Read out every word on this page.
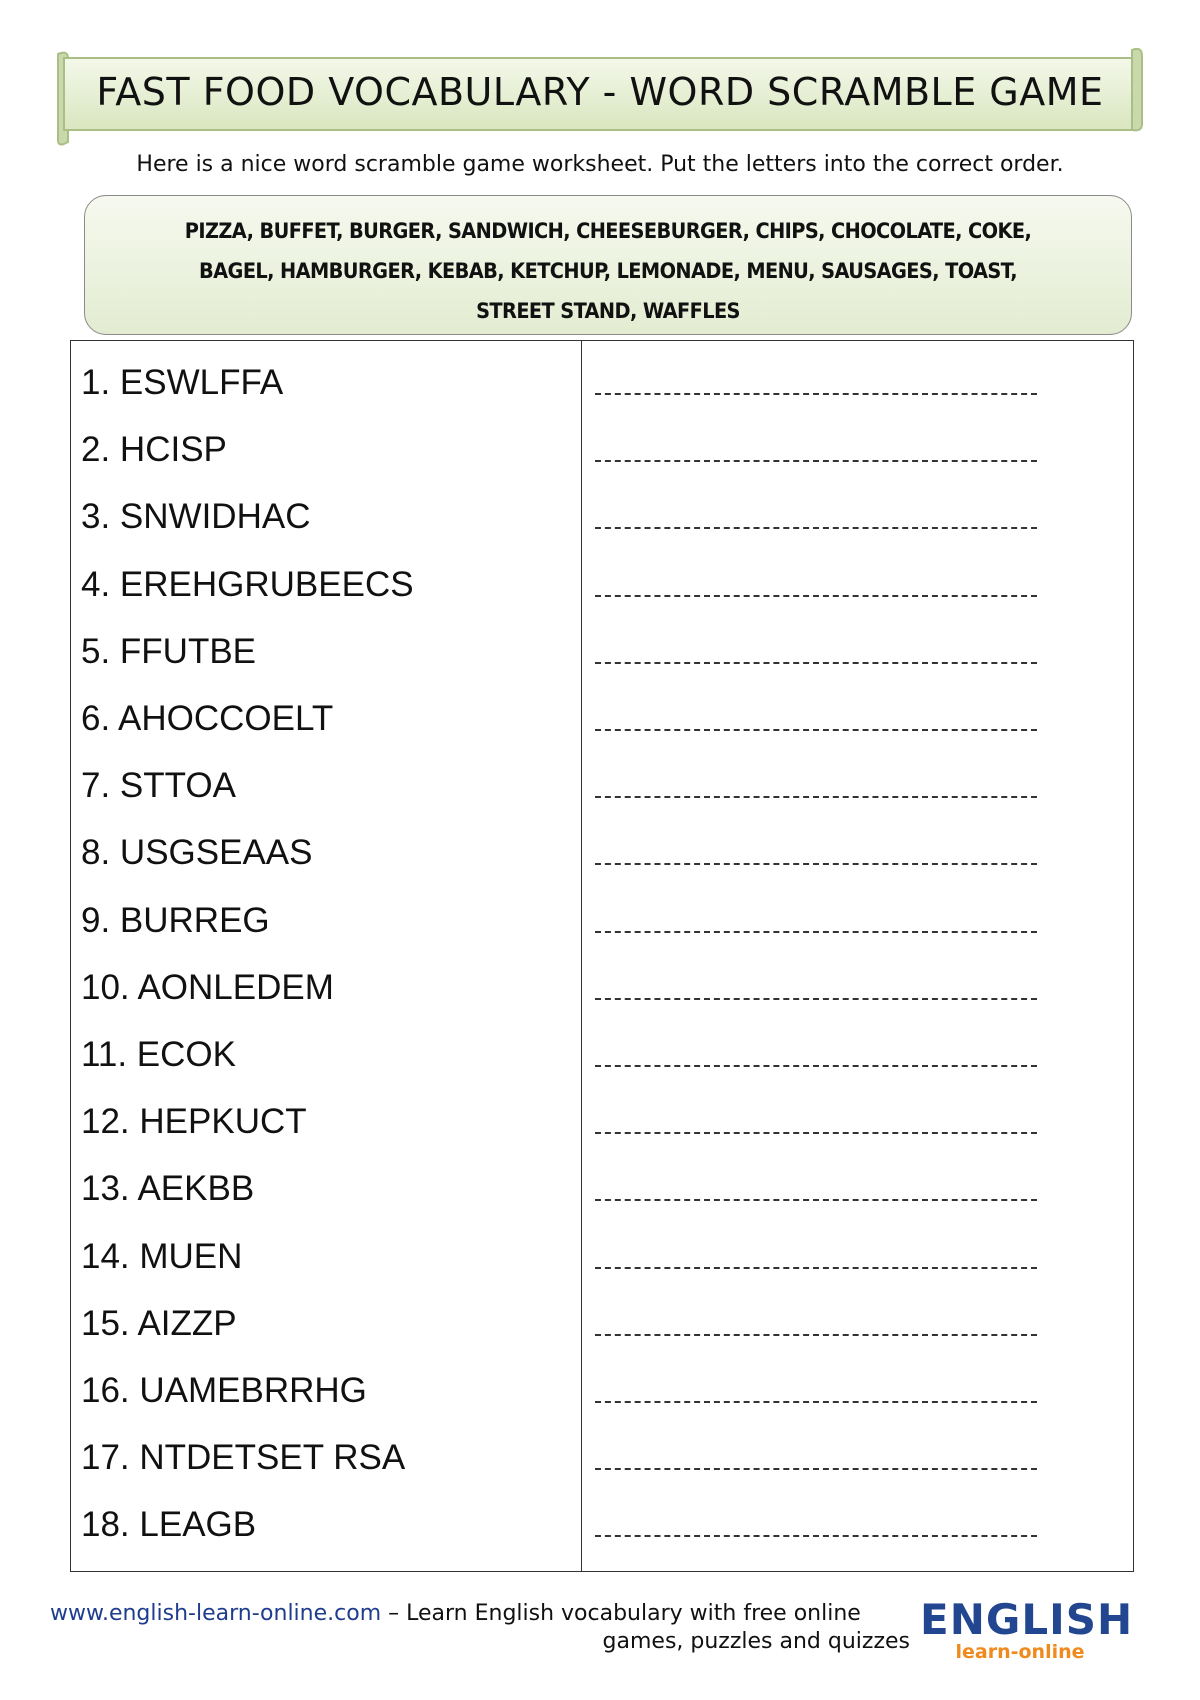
FAST FOOD VOCABULARY - WORD SCRAMBLE GAME
Here is a nice word scramble game worksheet. Put the letters into the correct order.
PIZZA, BUFFET, BURGER, SANDWICH, CHEESEBURGER, CHIPS, CHOCOLATE, COKE,
BAGEL, HAMBURGER, KEBAB, KETCHUP, LEMONADE, MENU, SAUSAGES, TOAST,
STREET STAND, WAFFLES
1. ESWLFFA
2. HCISP
3. SNWIDHAC
4. EREHGRUBEECS
5. FFUTBE
6. AHOCCOELT
7. STTOA
8. USGSEAAS
9. BURREG
10. AONLEDEM
11. ECOK
12. HEPKUCT
13. AEKBB
14. MUEN
15. AIZZP
16. UAMEBRRHG
17. NTDETSET RSA
18. LEAGB
www.english-learn-online.com – Learn English vocabulary with free online
games, puzzles and quizzes ENGLISH
learn-online
